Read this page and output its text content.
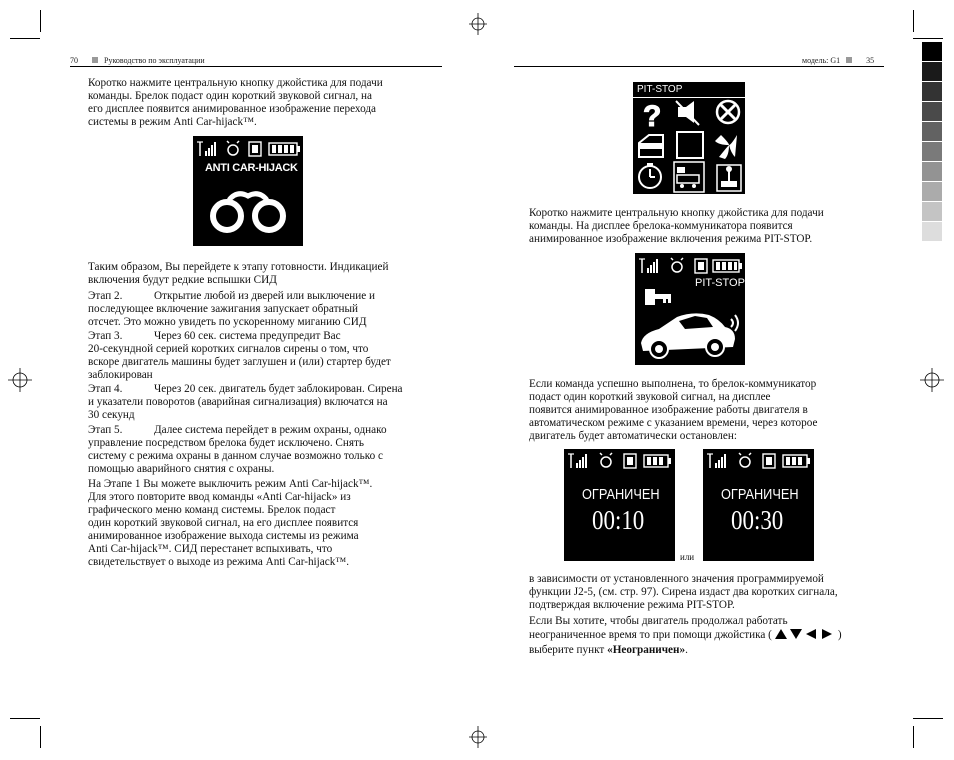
70	Руководство по эксплуатации

Коротко нажмите центральную кнопку джойстика для подачи

команды. Брелок подаст один короткий звуковой сигнал, на

его дисплее появится анимированное изображение перехода

системы в режим Anti Car-hijack™.

ANTI CAR-HIJACK

Таким образом, Вы перейдете к этапу готовности. Индикацией

включения будут редкие вспышки СИД

Этап 2.	Открытие любой из дверей или выключение и

последующее включение зажигания запускает обратный

отсчет. Это можно увидеть по ускоренному миганию СИД

Этап 3.	Через 60 сек. система предупредит Вас

20-секундной серией коротких сигналов сирены о том, что

вскоре двигатель машины будет заглушен и (или) стартер будет

заблокирован

Этап 4.	Через 20 сек. двигатель будет заблокирован. Сирена

и указатели поворотов (аварийная сигнализация) включатся на

30 секунд

Этап 5.	Далее система перейдет в режим охраны, однако

управление посредством брелока будет исключено. Снять

систему с режима охраны в данном случае возможно только с

помощью аварийного снятия с охраны.

На Этапе 1 Вы можете выключить режим Anti Car-hijack™.

Для этого повторите ввод команды «Anti Car-hijack» из

графического меню команд системы. Брелок подаст

один короткий звуковой сигнал, на его дисплее появится

анимированное изображение выхода системы из режима

Anti Car-hijack™. СИД перестанет вспыхивать, что

свидетельствует о выходе из режима Anti Car-hijack™.

модель: G1	35
PIT-STOP
?
2

Коротко нажмите центральную кнопку джойстика для подачи

команды. На дисплее брелока-коммуникатора появится

анимированное изображение включения режима PIT-STOP.

PIT-STOP

Если команда успешно выполнена, то брелок-коммуникатор

подаст один короткий звуковой сигнал, на дисплее

появится анимированное изображение работы двигателя в

автоматическом режиме с указанием времени, через которое

двигатель будет автоматически остановлен:

ОГРАНИЧЕН
00:10
или
ОГРАНИЧЕН
00:30

в зависимости от установленного значения программируемой

функции J2-5, (см. стр. 97). Сирена издаст два коротких сигнала,

подтверждая включение режима PIT-STOP.

Если Вы хотите, чтобы двигатель продолжал работать

неограниченное время то при помощи джойстика (	)

выберите пункт «Неограничен».
